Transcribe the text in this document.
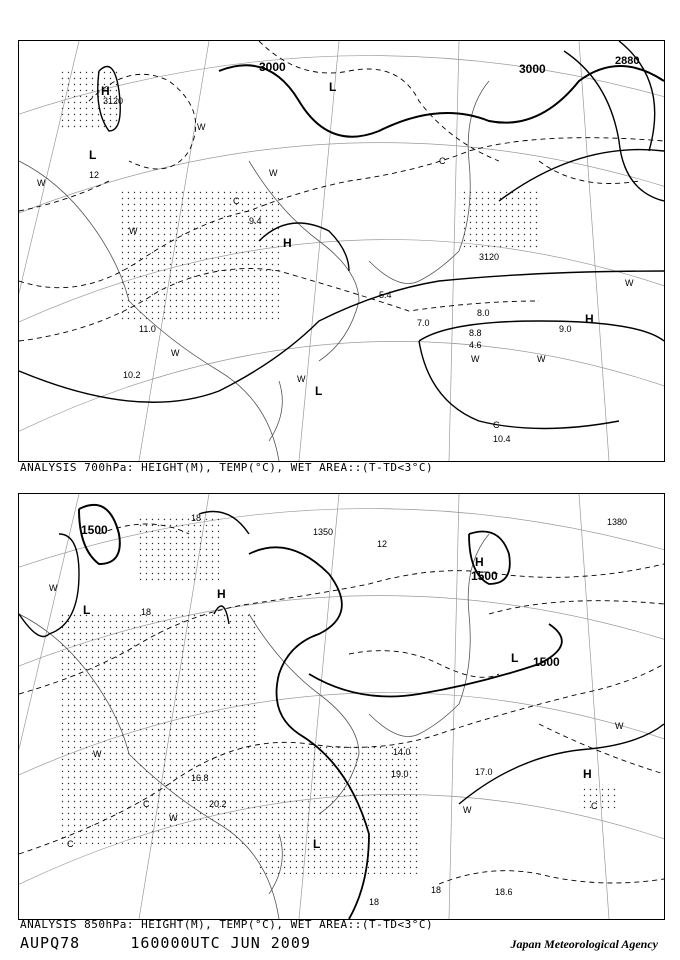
3000	3000
2880
3120
3120
H
H
H
L
L
L
W
W
W
W
W
W
W	W
W
C
C
C
12
11.0
10.2
9.4
8.8
10.4
8.0
9.0
5.4
7.0
4.6
ANALYSIS 700hPa: HEIGHT(M), TEMP(°C), WET AREA::(T-TD<3°C)
1500
1500
1500
1380
1350
H
H
H
L
L
L
W
W
W
W
W
C
C
C
18
18
18
18
12
17.0
19.0
18.6
20.2
16.8
14.0
ANALYSIS 850hPa: HEIGHT(M), TEMP(°C), WET AREA::(T-TD<3°C)
AUPQ78	160000UTC JUN 2009	Japan Meteorological Agency
